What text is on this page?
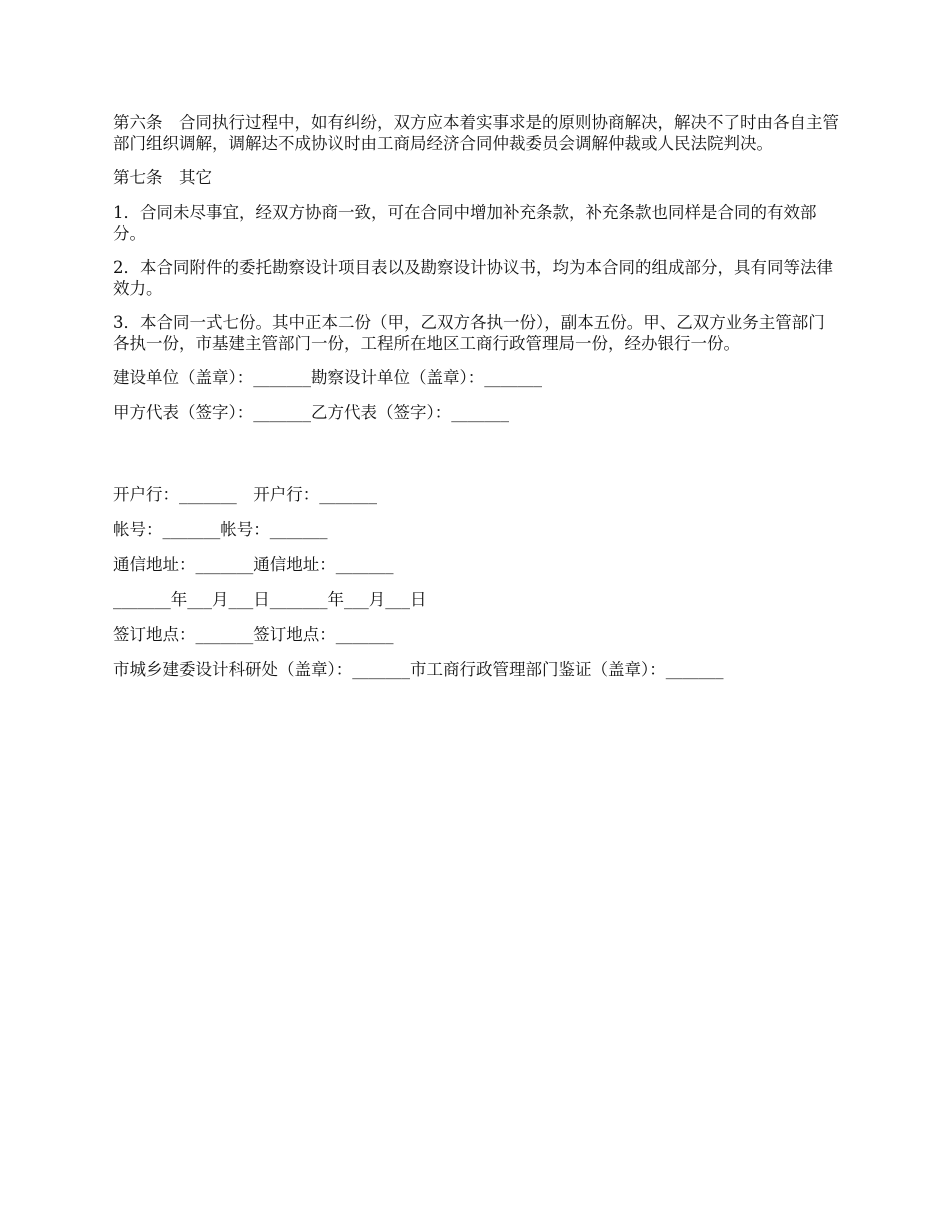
第六条　合同执行过程中，如有纠纷，双方应本着实事求是的原则协商解决，解决不了时由各自主管部门组织调解，调解达不成协议时由工商局经济合同仲裁委员会调解仲裁或人民法院判决。

第七条　其它

1．合同未尽事宜，经双方协商一致，可在合同中增加补充条款，补充条款也同样是合同的有效部分。

2．本合同附件的委托勘察设计项目表以及勘察设计协议书，均为本合同的组成部分，具有同等法律效力。

3．本合同一式七份。其中正本二份（甲，乙双方各执一份），副本五份。甲、乙双方业务主管部门各执一份，市基建主管部门一份，工程所在地区工商行政管理局一份，经办银行一份。

建设单位（盖章）：_______勘察设计单位（盖章）：_______

甲方代表（签字）：_______乙方代表（签字）：_______

开户行：_______　开户行：_______

帐号：_______帐号：_______

通信地址：_______通信地址：_______

_______年___月___日_______年___月___日

签订地点：_______签订地点：_______

市城乡建委设计科研处（盖章）：_______市工商行政管理部门鉴证（盖章）：_______
